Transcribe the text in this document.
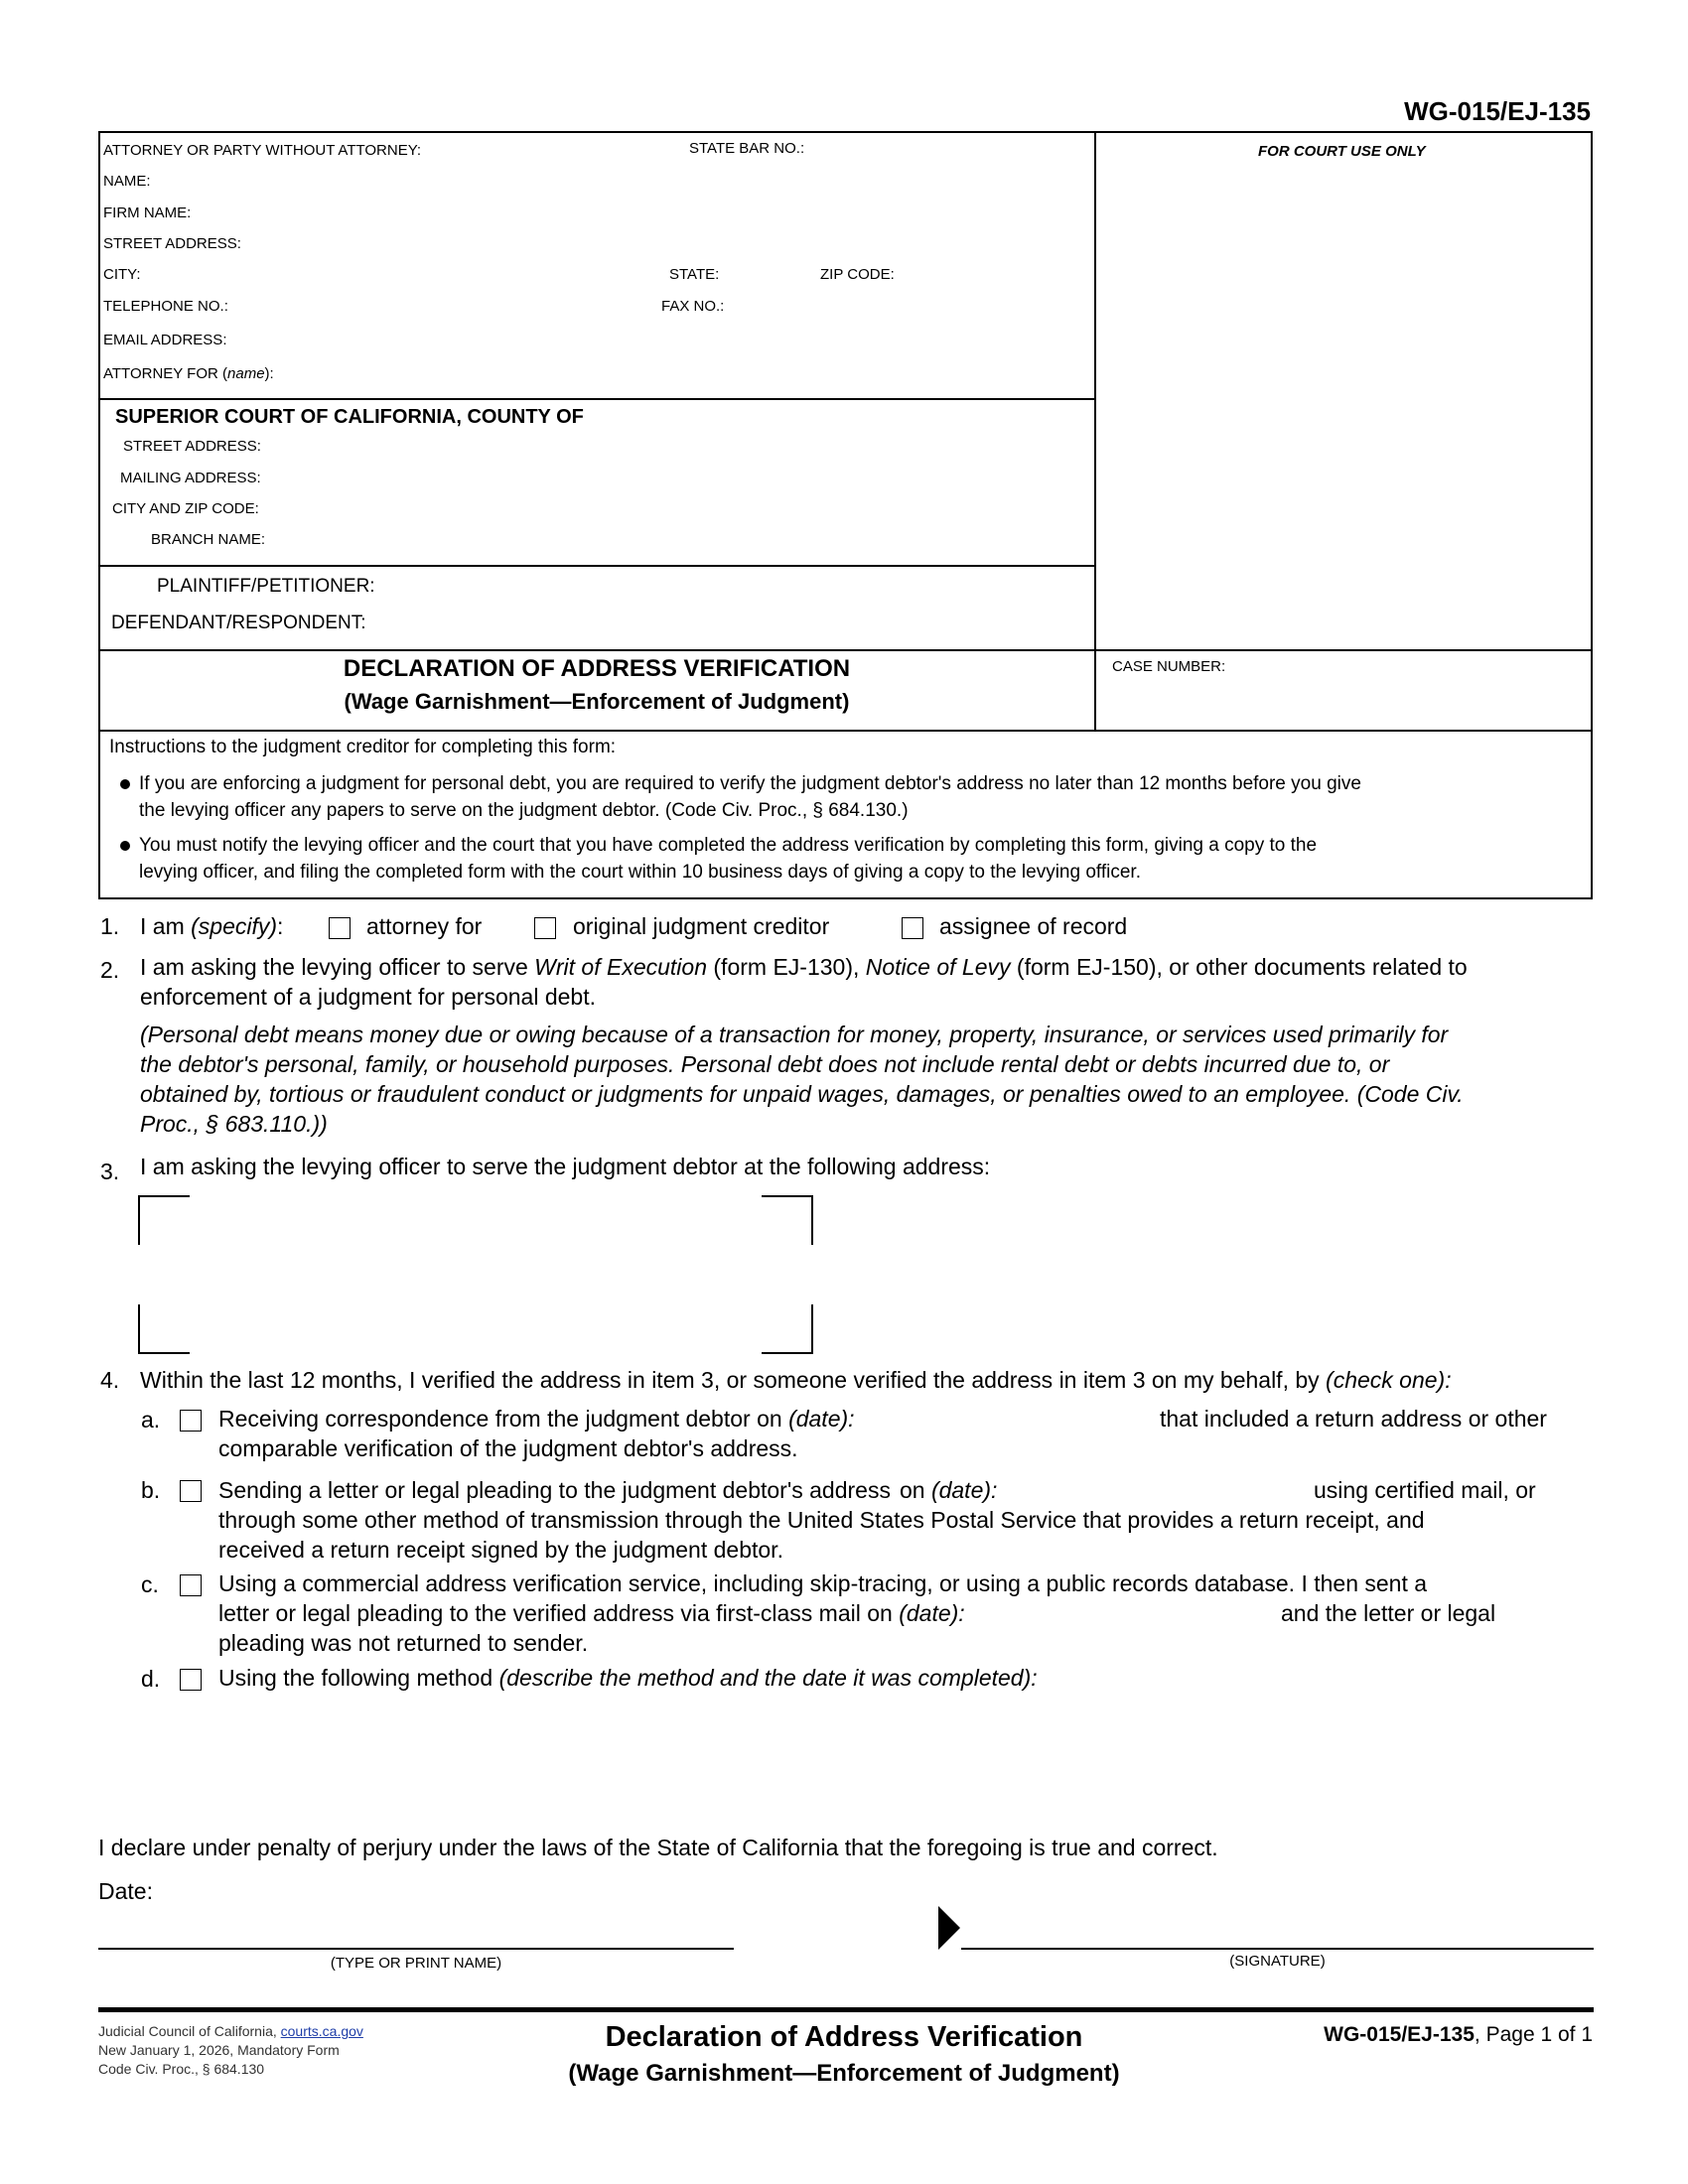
WG-015/EJ-135
ATTORNEY OR PARTY WITHOUT ATTORNEY:	STATE BAR NO.:
NAME:
FIRM NAME:
STREET ADDRESS:
CITY:	STATE:	ZIP CODE:
TELEPHONE NO.:	FAX NO.:
EMAIL ADDRESS:
ATTORNEY FOR (name):
FOR COURT USE ONLY
SUPERIOR COURT OF CALIFORNIA, COUNTY OF
STREET ADDRESS:
MAILING ADDRESS:
CITY AND ZIP CODE:
BRANCH NAME:
PLAINTIFF/PETITIONER:
DEFENDANT/RESPONDENT:
DECLARATION OF ADDRESS VERIFICATION
(Wage Garnishment—Enforcement of Judgment)
CASE NUMBER:
Instructions to the judgment creditor for completing this form:
If you are enforcing a judgment for personal debt, you are required to verify the judgment debtor's address no later than 12 months before you give
the levying officer any papers to serve on the judgment debtor. (Code Civ. Proc., § 684.130.)
You must notify the levying officer and the court that you have completed the address verification by completing this form, giving a copy to the
levying officer, and filing the completed form with the court within 10 business days of giving a copy to the levying officer.
1. I am (specify):	attorney for	original judgment creditor	assignee of record
2. I am asking the levying officer to serve Writ of Execution (form EJ-130), Notice of Levy (form EJ-150), or other documents related to
enforcement of a judgment for personal debt.
(Personal debt means money due or owing because of a transaction for money, property, insurance, or services used primarily for
the debtor's personal, family, or household purposes. Personal debt does not include rental debt or debts incurred due to, or
obtained by, tortious or fraudulent conduct or judgments for unpaid wages, damages, or penalties owed to an employee. (Code Civ.
Proc., § 683.110.))
3. I am asking the levying officer to serve the judgment debtor at the following address:
4. Within the last 12 months, I verified the address in item 3, or someone verified the address in item 3 on my behalf, by (check one):
a.	Receiving correspondence from the judgment debtor on (date):
comparable verification of the judgment debtor's address.
that included a return address or other
b.	Sending a letter or legal pleading to the judgment debtor's address on (date):
through some other method of transmission through the United States Postal Service that provides a return receipt, and
received a return receipt signed by the judgment debtor.
using certified mail, or
c.	Using a commercial address verification service, including skip-tracing, or using a public records database. I then sent a
letter or legal pleading to the verified address via first-class mail on (date):
pleading was not returned to sender.
and the letter or legal
d.	Using the following method (describe the method and the date it was completed):
I declare under penalty of perjury under the laws of the State of California that the foregoing is true and correct.
Date:
(TYPE OR PRINT NAME)	(SIGNATURE)
Judicial Council of California, courts.ca.gov
New January 1, 2026, Mandatory Form
Code Civ. Proc., § 684.130
Declaration of Address Verification
(Wage Garnishment—Enforcement of Judgment)
WG-015/EJ-135, Page 1 of 1
